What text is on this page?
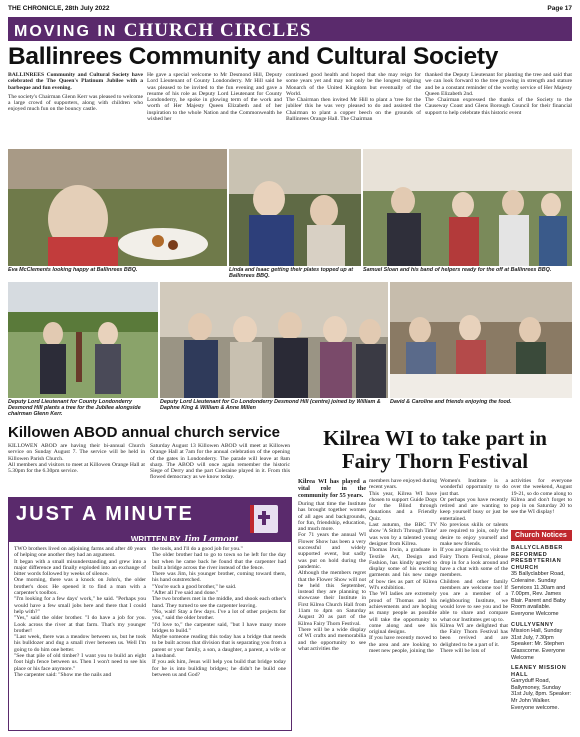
THE CHRONICLE, 28th July 2022	Page 17
MOVING IN CHURCH CIRCLES
Ballinrees Community and Cultural Society

BALLINREES Community and Cultural Society have celebrated the The Queen's Platinum Jubilee with a barbeque and fun evening.

The society's Chairman Glenn Kerr was pleased to welcome a large crowd of supporters, along with children who enjoyed much fun on the bouncy castle.

He gave a special welcome to Mr Desmond Hill, Deputy Lord Lieutenant of County Londonderry. Mr Hill said he was pleased to be invited to the fun evening and gave a resume of his role as Deputy Lord Lieutenant for County Londonderry, he spoke in glowing term of the work and worth of Her Majesty Queen Elizabeth and of her inspiration to the whole Nation and the Commonwealth he wished her
continued good health and hoped that she may reign for some years yet and may not only be the longest reigning Monarch of the United Kingdom but eventually of the World.
The Chairman then invited Mr Hill to plant a 'tree for the jubilee' this he was very pleased to do and assisted the Chairman to plant a copper beech on the grounds of Ballinrees Orange Hall. The Chairman
thanked the Deputy Lieutenant for planting the tree and said that we can look forward to the tree growing in strength and stature and be a constant reminder of the worthy service of Her Majesty Queen Elizabeth 2nd.
The Chairman expressed the thanks of the Society to the Causeway Coast and Glens Borough Council for their financial support to help celebrate this historic event
Eva McClements looking happy at Ballinrees BBQ.	Linda and Isaac getting their plates topped up at Ballinrees BBQ.
Samuel Sloan and his band of helpers ready for the off at Ballinrees BBQ.
Deputy Lord Lieutenant for County Londonderry Desmond Hill plants a tree for the Jubilee alongside chairman Glenn Kerr.
Deputy Lord Lieutenant for Co Londonderry Desmond Hill (centre) joined by William & Daphne King & William & Anne Millen
David & Caroline and friends enjoying the food.
Killowen ABOD annual church service
KILLOWEN ABOD are having their bi-annual Church service on Sunday August 7. The service will be held in Killowen Parish Church.
All members and visitors to meet at Killowen Orange Hall at 5.30pm for the 6.30pm service.
Saturday August 13 Killowen ABOD will meet at Killowen Orange Hall at 7am for the annual celebration of the opening of the gates in Londonderry. The parade will leave at 8am sharp. The ABOD will once again remember the historic Siege of Derry and the part Coleraine played in it. From this flowed democracy as we know today.
JUST A MINUTE
WRITTEN BY Jim Lamont
TWO brothers lived on adjoining farms and after 40 years of helping one another they had an argument.
It began with a small misunderstanding and grew into a major difference and finally exploded into an exchange of bitter words followed by weeks of silence.
One morning, there was a knock on John's, the older brother's door. He opened it to find a man with a carpenter's toolbox.
"I'm looking for a few days' work," he said. "Perhaps you would have a few small jobs here and there that I could help with?"
"Yes," said the older brother. "I do have a job for you. Look across the river at that farm. That's my younger brother!
"Last week, there was a meadow between us, but he took his bulldozer and dug a small river between us. Well I'm going to do him one better.
"See that pile of old timber? I want you to build an eight foot high fence between us. Then I won't need to see his place or his face anymore."
The carpenter said: "Show me the nails and
the tools, and I'll do a good job for you."
The older brother had to go to town so he left for the day but when he came back he found that the carpenter had built a bridge across the river instead of the fence.
There was Jim, his younger brother, coming toward them, his hand outstretched.
"You're such a good brother," he said.
"After all I've said and done."
The two brothers met in the middle, and shook each other's hand. They turned to see the carpenter leaving.
"No, wait! Stay a few days. I've a lot of other projects for you," said the older brother.
"I'd love to," the carpenter said, "but I have many more bridges to build."
Maybe someone reading this today has a bridge that needs to be built across that division that is separating you from a parent or your family, a son, a daughter, a parent, a wife or a husband.
If you ask him, Jesus will help you build that bridge today for he is into building bridges; he didn't he build one between us and God?
Kilrea WI to take part in Fairy Thorn Festival

Kilrea WI has played a vital role in the community for 55 years.

During that time the Institute has brought together women of all ages and backgrounds, for fun, friendship, education, and much more.
For 71 years the annual WI Flower Show has been a very successful and widely supported event, but sadly was put on hold during the pandemic.
Although the members regret that the Flower Show will not be held this September, instead they are planning to showcase their Institute in First Kilrea Church Hall from 11am to 4pm on Saturday August 20 as part of the Kilrea Fairy Thorn Festival.
There will be a wide display of WI crafts and memorabilia and the opportunity to see what activities the

members have enjoyed during recent years.
This year, Kilrea WI have chosen to support Guide Dogs for the Blind through donations and a Friendly Quiz.
Last autumn, the BBC TV show 'A Stitch Through Time' was won by a talented young designer from Kilrea.
Thomas Irwin, a graduate in Textile Art, Design and Fashion, has kindly agreed to display some of his exciting garments and his new range of bow ties as part of Kilrea WI's exhibition.
The WI ladies are extremely proud of Thomas and his achievements and are hoping as many people as possible will take the opportunity to come along and see his original designs.
If you have recently moved to the area and are looking to meet new people, joining the
Women's Institute is a wonderful opportunity to do just that.
Or perhaps you have recently retired and are wanting to keep yourself busy or just be entertained.
No previous skills or talents are required to join, only the desire to enjoy yourself and make new friends.
If you are planning to visit the Fairy Thorn Festival, please drop in for a look around and have a chat with some of the members.
Children and other family members are welcome too! If you are a member of a neighbouring Institute, we would love to see you and be able to share and compare what our Institutes get up to.
Kilrea WI are delighted that the Fairy Thorn Festival has been revived and are delighted to be a part of it.
There will be lots of
activities for everyone over the weekend, August 19-21, so do come along to Kilrea and don't forget to pop in on Saturday 20 to see the WI display!
Church Notices
BALLYCLABBER REFORMED PRESBYTERIAN CHURCH
35 Ballyclabber Road, Coleraine. Sunday Services 11.30am and 7.00pm, Rev. James Blair. Parent and Baby Room available. Everyone Welcome
CULLYVENNY
Mission Hall, Sunday 31st July, 7.30pm Speaker: Mr. Stephen Glasscorne. Everyone Welcome
LEANEY MISSION HALL
Garryduff Road, Ballymoney, Sunday 31st July, 8pm. Speaker: Mr John Walker. Everyone welcome.
